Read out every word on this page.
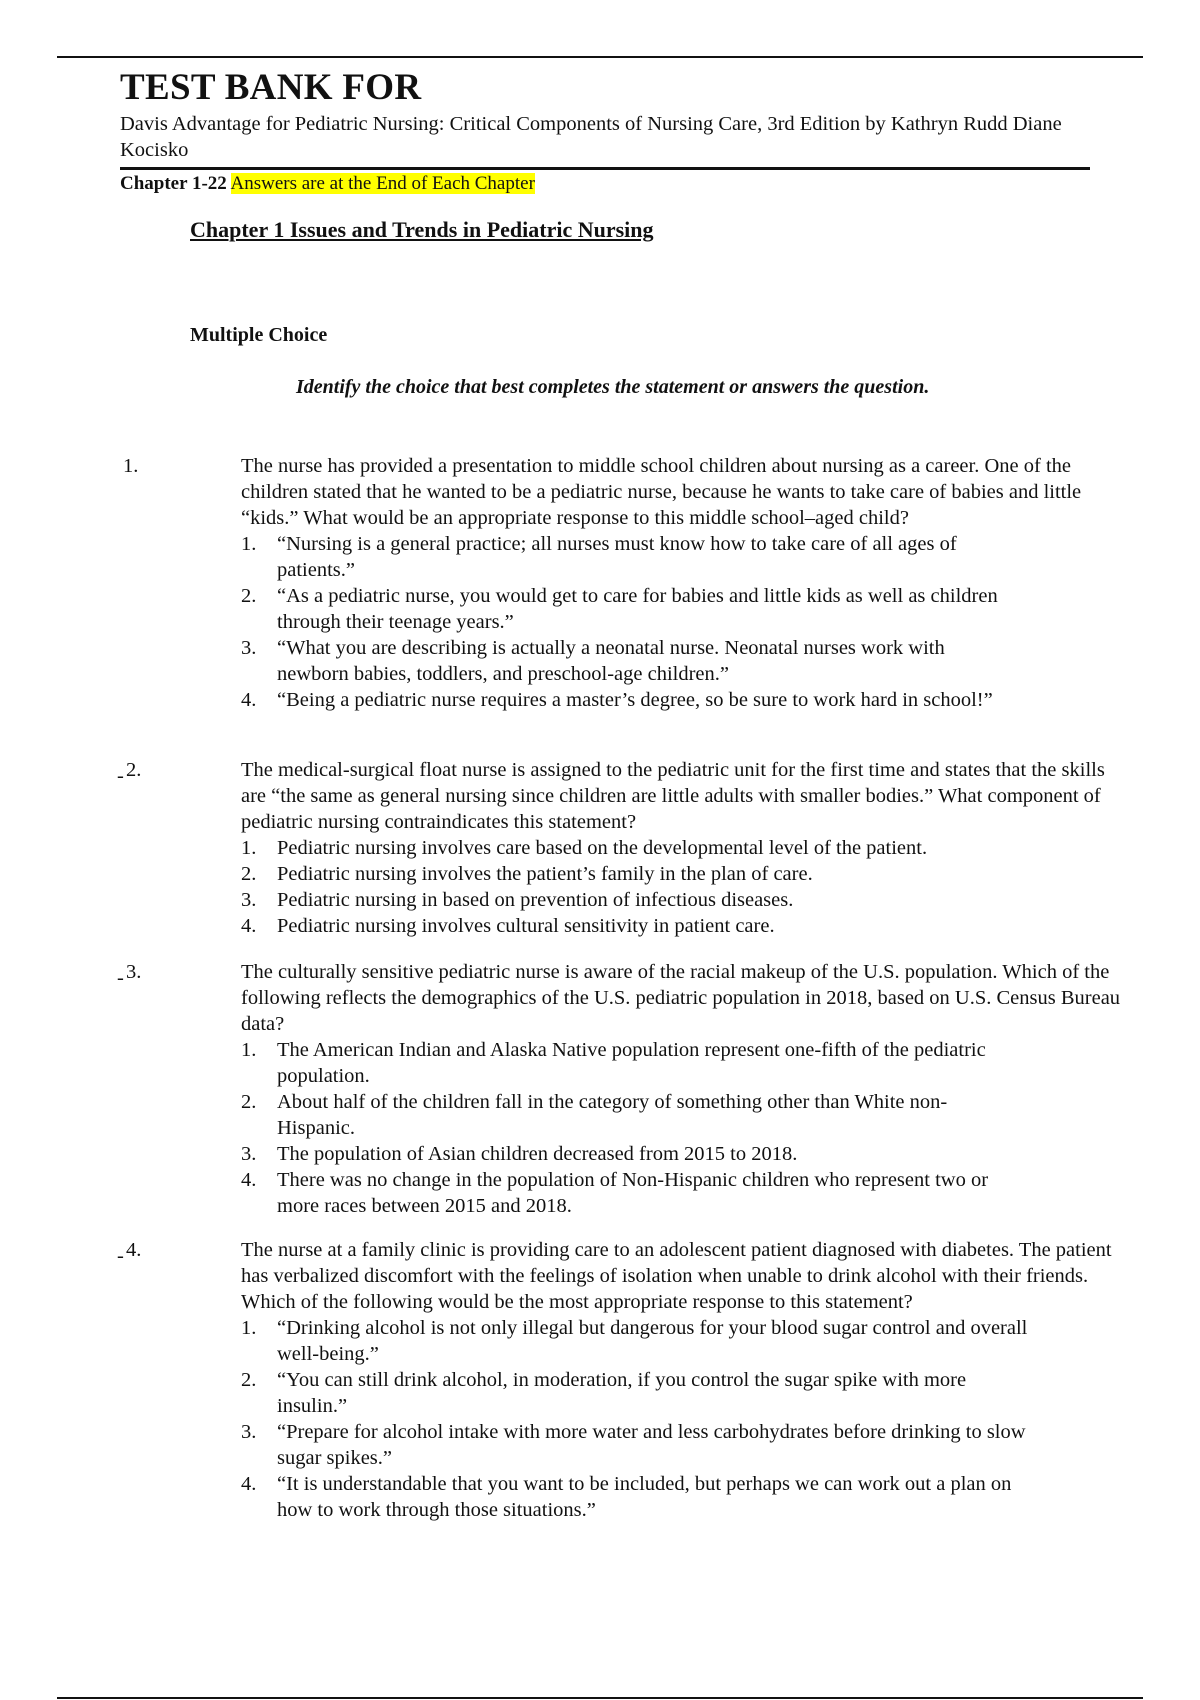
TEST BANK FOR

Davis Advantage for Pediatric Nursing: Critical Components of Nursing Care, 3rd Edition by Kathryn Rudd Diane Kocisko

Chapter 1-22 Answers are at the End of Each Chapter
Chapter 1 Issues and Trends in Pediatric Nursing
Multiple Choice

Identify the choice that best completes the statement or answers the question.

1.	The nurse has provided a presentation to middle school children about nursing as a career. One of the children stated that he wanted to be a pediatric nurse, because he wants to take care of babies and little “kids.” What would be an appropriate response to this middle school–aged child?

1. “Nursing is a general practice; all nurses must know how to take care of all ages of patients.”
2. “As a pediatric nurse, you would get to care for babies and little kids as well as children through their teenage years.”
3. “What you are describing is actually a neonatal nurse. Neonatal nurses work with newborn babies, toddlers, and preschool-age children.”
4. “Being a pediatric nurse requires a master’s degree, so be sure to work hard in school!”
- 2.	The medical-surgical float nurse is assigned to the pediatric unit for the first time and states that the skills are “the same as general nursing since children are little adults with smaller bodies.” What component of pediatric nursing contraindicates this statement?

1. Pediatric nursing involves care based on the developmental level of the patient.
2. Pediatric nursing involves the patient’s family in the plan of care.
3. Pediatric nursing in based on prevention of infectious diseases.
4. Pediatric nursing involves cultural sensitivity in patient care.
- 3.	The culturally sensitive pediatric nurse is aware of the racial makeup of the U.S. population. Which of the following reflects the demographics of the U.S. pediatric population in 2018, based on U.S. Census Bureau data?

1. The American Indian and Alaska Native population represent one-fifth of the pediatric population.
2. About half of the children fall in the category of something other than White non-Hispanic.
3. The population of Asian children decreased from 2015 to 2018.
4. There was no change in the population of Non-Hispanic children who represent two or more races between 2015 and 2018.
- 4.	The nurse at a family clinic is providing care to an adolescent patient diagnosed with diabetes. The patient has verbalized discomfort with the feelings of isolation when unable to drink alcohol with their friends. Which of the following would be the most appropriate response to this statement?

1. “Drinking alcohol is not only illegal but dangerous for your blood sugar control and overall well-being.”
2. “You can still drink alcohol, in moderation, if you control the sugar spike with more insulin.”
3. “Prepare for alcohol intake with more water and less carbohydrates before drinking to slow sugar spikes.”
4. “It is understandable that you want to be included, but perhaps we can work out a plan on how to work through those situations.”
